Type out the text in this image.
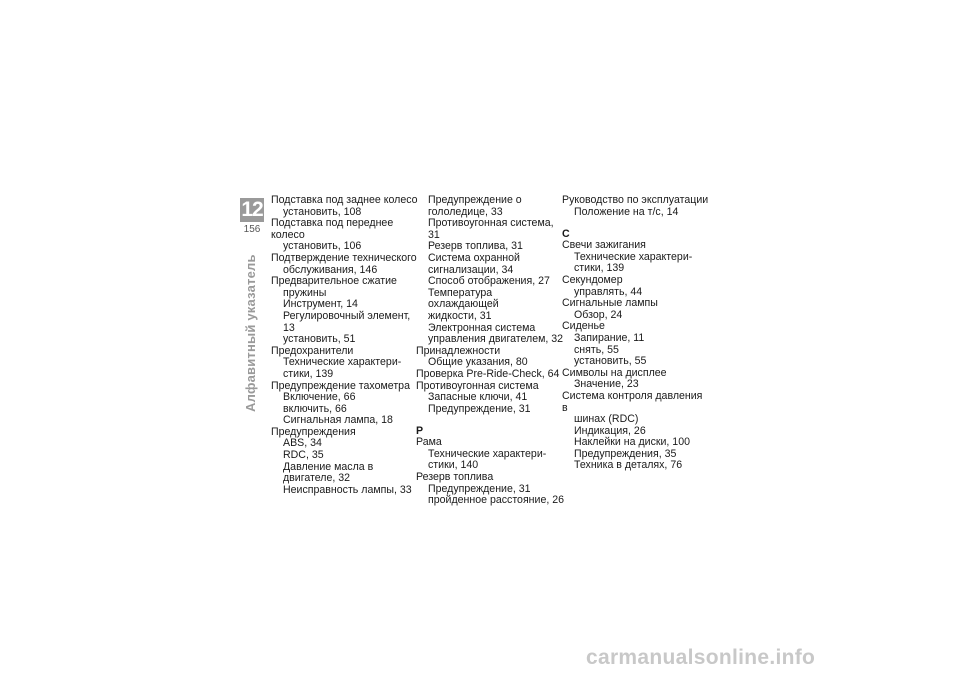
12
156
Алфавитный указатель
Подставка под заднее колесо
установить, 108
Подставка под переднее колесо
установить, 106
Подтверждение технического
обслуживания, 146
Предварительное сжатие
пружины
Инструмент, 14
Регулировочный элемент, 13
установить, 51
Предохранители
Технические характери-
стики, 139
Предупреждение тахометра
Включение, 66
включить, 66
Сигнальная лампа, 18
Предупреждения
ABS, 34
RDC, 35
Давление масла в
двигателе, 32
Неисправность лампы, 33
Предупреждение о
гололедице, 33
Противоугонная система, 31
Резерв топлива, 31
Система охранной
сигнализации, 34
Способ отображения, 27
Температура охлаждающей
жидкости, 31
Электронная система
управления двигателем, 32
Принадлежности
Общие указания, 80
Проверка Pre-Ride-Check, 64
Противоугонная система
Запасные ключи, 41
Предупреждение, 31
Р
Рама
Технические характери-
стики, 140
Резерв топлива
Предупреждение, 31
пройденное расстояние, 26
Руководство по эксплуатации
Положение на т/с, 14
С
Свечи зажигания
Технические характери-
стики, 139
Секундомер
управлять, 44
Сигнальные лампы
Обзор, 24
Сиденье
Запирание, 11
снять, 55
установить, 55
Символы на дисплее
Значение, 23
Система контроля давления в
шинах (RDC)
Индикация, 26
Наклейки на диски, 100
Предупреждения, 35
Техника в деталях, 76
carmanualsonline.info
